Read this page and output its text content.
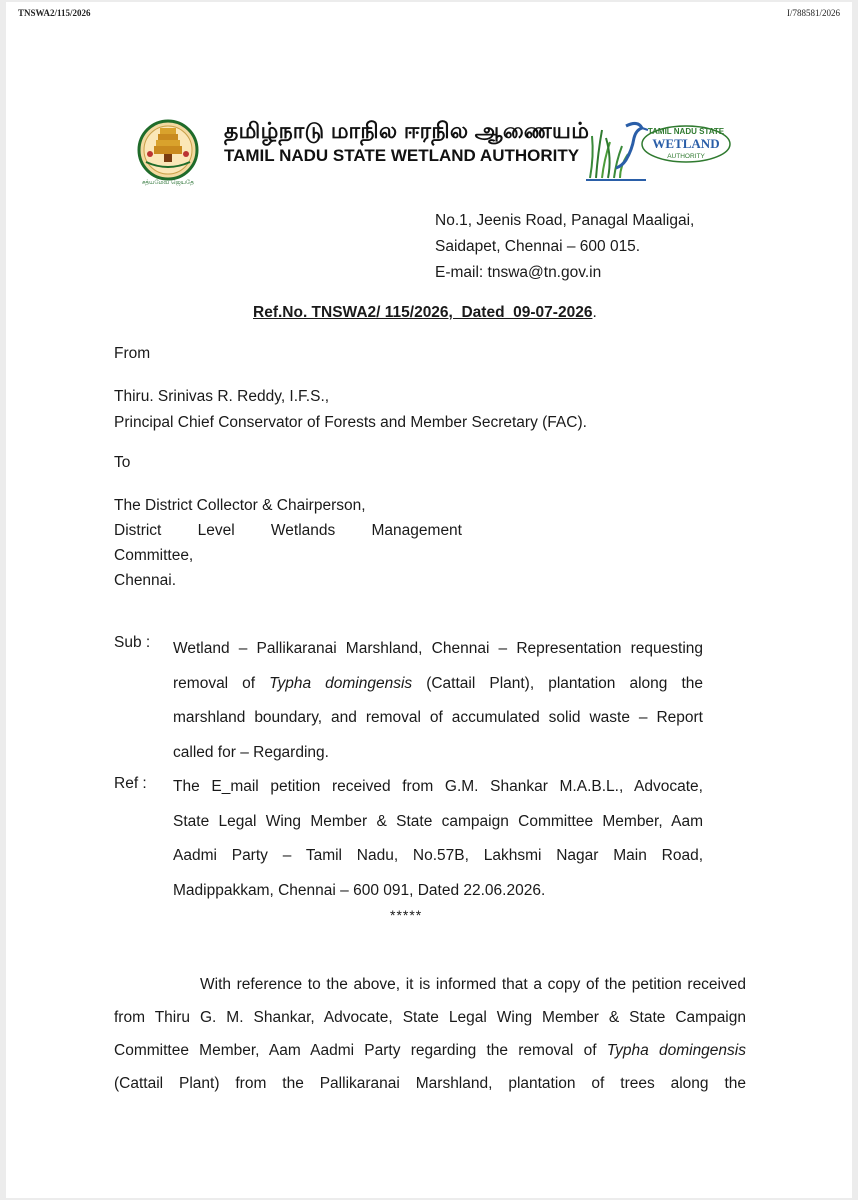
TNSWA2/115/2026	I/788581/2026
சத்யமேவ ஜெயதே
தமிழ்நாடு மாநில ஈரநில ஆணையம்
TAMIL NADU STATE WETLAND AUTHORITY
TAMIL NADU STATE
WETLAND
AUTHORITY
No.1, Jeenis Road, Panagal Maaligai,
Saidapet, Chennai – 600 015.
E-mail: tnswa@tn.gov.in
Ref.No. TNSWA2/ 115/2026,  Dated  09-07-2026.
From
Thiru. Srinivas R. Reddy, I.F.S.,
Principal Chief Conservator of Forests and Member Secretary (FAC).
To
The District Collector & Chairperson,
District Level Wetlands Management
Committee,
Chennai.
Sub : Wetland – Pallikaranai Marshland, Chennai – Representation requesting
removal of Typha domingensis (Cattail Plant), plantation along the
marshland boundary, and removal of accumulated solid waste – Report
called for – Regarding.
Ref : The E_mail petition received from G.M. Shankar M.A.B.L., Advocate,
State Legal Wing Member & State campaign Committee Member, Aam
Aadmi Party – Tamil Nadu, No.57B, Lakhsmi Nagar Main Road,
Madippakkam, Chennai – 600 091, Dated 22.06.2026.
*****
With reference to the above, it is informed that a copy of the petition received
from Thiru G. M. Shankar, Advocate, State Legal Wing Member & State Campaign
Committee Member, Aam Aadmi Party regarding the removal of Typha domingensis
(Cattail Plant) from the Pallikaranai Marshland, plantation of trees along the
